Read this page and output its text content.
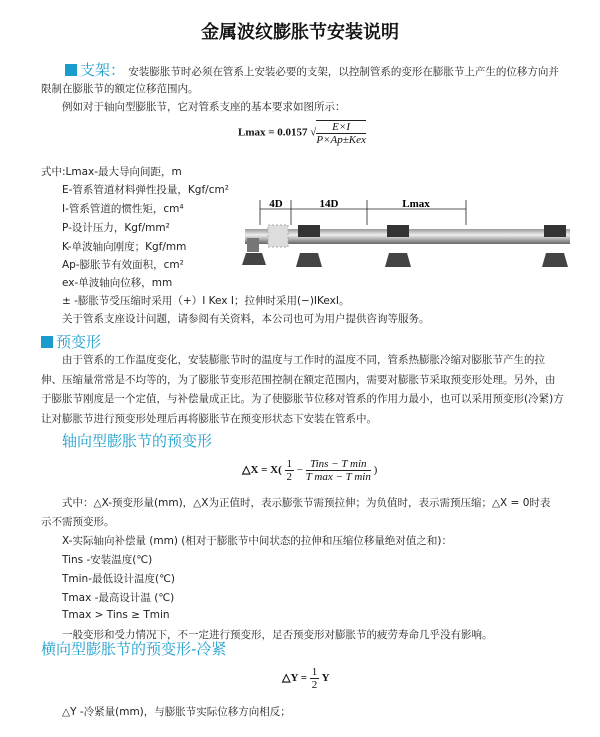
金属波纹膨胀节安装说明
支架： 安装膨胀节时必须在管系上安装必要的支架，以控制管系的变形在膨胀节上产生的位移方向并
限制在膨胀节的额定位移范围内。
例如对于轴向型膨胀节，它对管系支座的基本要求如图所示：
Lmax = 0.0157 √ $\frac{E\times I}{\text{P×Ap±Kex}}$
式中:Lmax-最大导向间距，m
E-管系管道材料弹性投量，Kgf/cm²
I-管系管道的惯性矩，cm⁴
P-设计压力，Kgf/mm²
K-单波轴向刚度；Kgf/mm
Ap-膨胀节有效面积，cm²
ex-单波轴向位移，mm
± -膨胀节受压缩时采用（+）I Kex I；拉伸时采用(−)IKexI。
关于管系支座设计问题，请参阅有关资料，本公司也可为用户提供咨询等服务。
4D	14D	Lmax
预变形
由于管系的工作温度变化，安装膨胀节时的温度与工作时的温度不同，管系热膨胀冷缩对膨胀节产生的拉
伸、压缩量常常是不均等的，为了膨胀节变形范围控制在额定范围内，需要对膨胀节采取预变形处理。另外，由
于膨胀节刚度是一个定值，与补偿量成正比。为了使膨胀节位移对管系的作用力最小，也可以采用预变形(冷紧)方
让对膨胀节进行预变形处理后再将膨胀节在预变形状态下安装在管系中。
轴向型膨胀节的预变形
△X = $X( \frac{1}{2} - \frac{\text{Tins − T min}}{\text{T max − T min}}$ )
式中：△X-预变形量(mm)，△X为正值时，表示膨张节需预拉伸；为负值时，表示需预压缩；△X = 0时表
示不需预变形。
X-实际轴向补偿量 (mm) (相对于膨胀节中间状态的拉伸和压缩位移量绝对值之和)：
Tins -安装温度(℃)
Tmin-最低设计温度(℃)
Tmax -最高设计温 (℃)
Tmax > Tins ≥ Tmin
一般变形和受力情况下，不一定进行预变形，足否预变形对膨胀节的疲劳寿命几乎没有影响。
横向型膨胀节的预变形-冷紧
△Y = $\frac{1}{2}$ Y
△Y -冷紧量(mm)，与膨胀节实际位移方向相反；
